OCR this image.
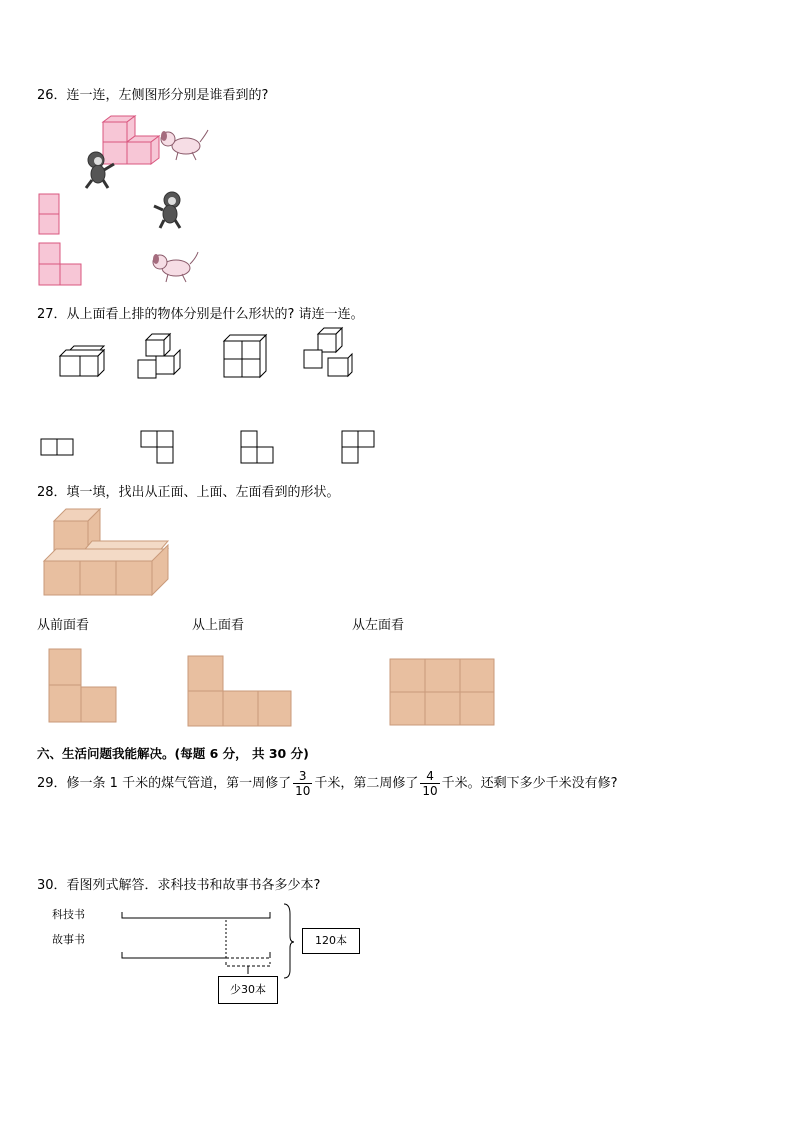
26．连一连，左侧图形分别是谁看到的?
27．从上面看上排的物体分别是什么形状的? 请连一连。
28．填一填，找出从正面、上面、左面看到的形状。
从前面看	从上面看	从左面看
六、生活问题我能解决。(每题 6 分， 共 30 分)
29．修一条 1 千米的煤气管道，第一周修了 $\frac{3}{10}$ 千米，第二周修了 $\frac{4}{10}$ 千米。还剩下多少千米没有修?
30．看图列式解答．求科技书和故事书各多少本?
科技书
故事书	120本
少30本
